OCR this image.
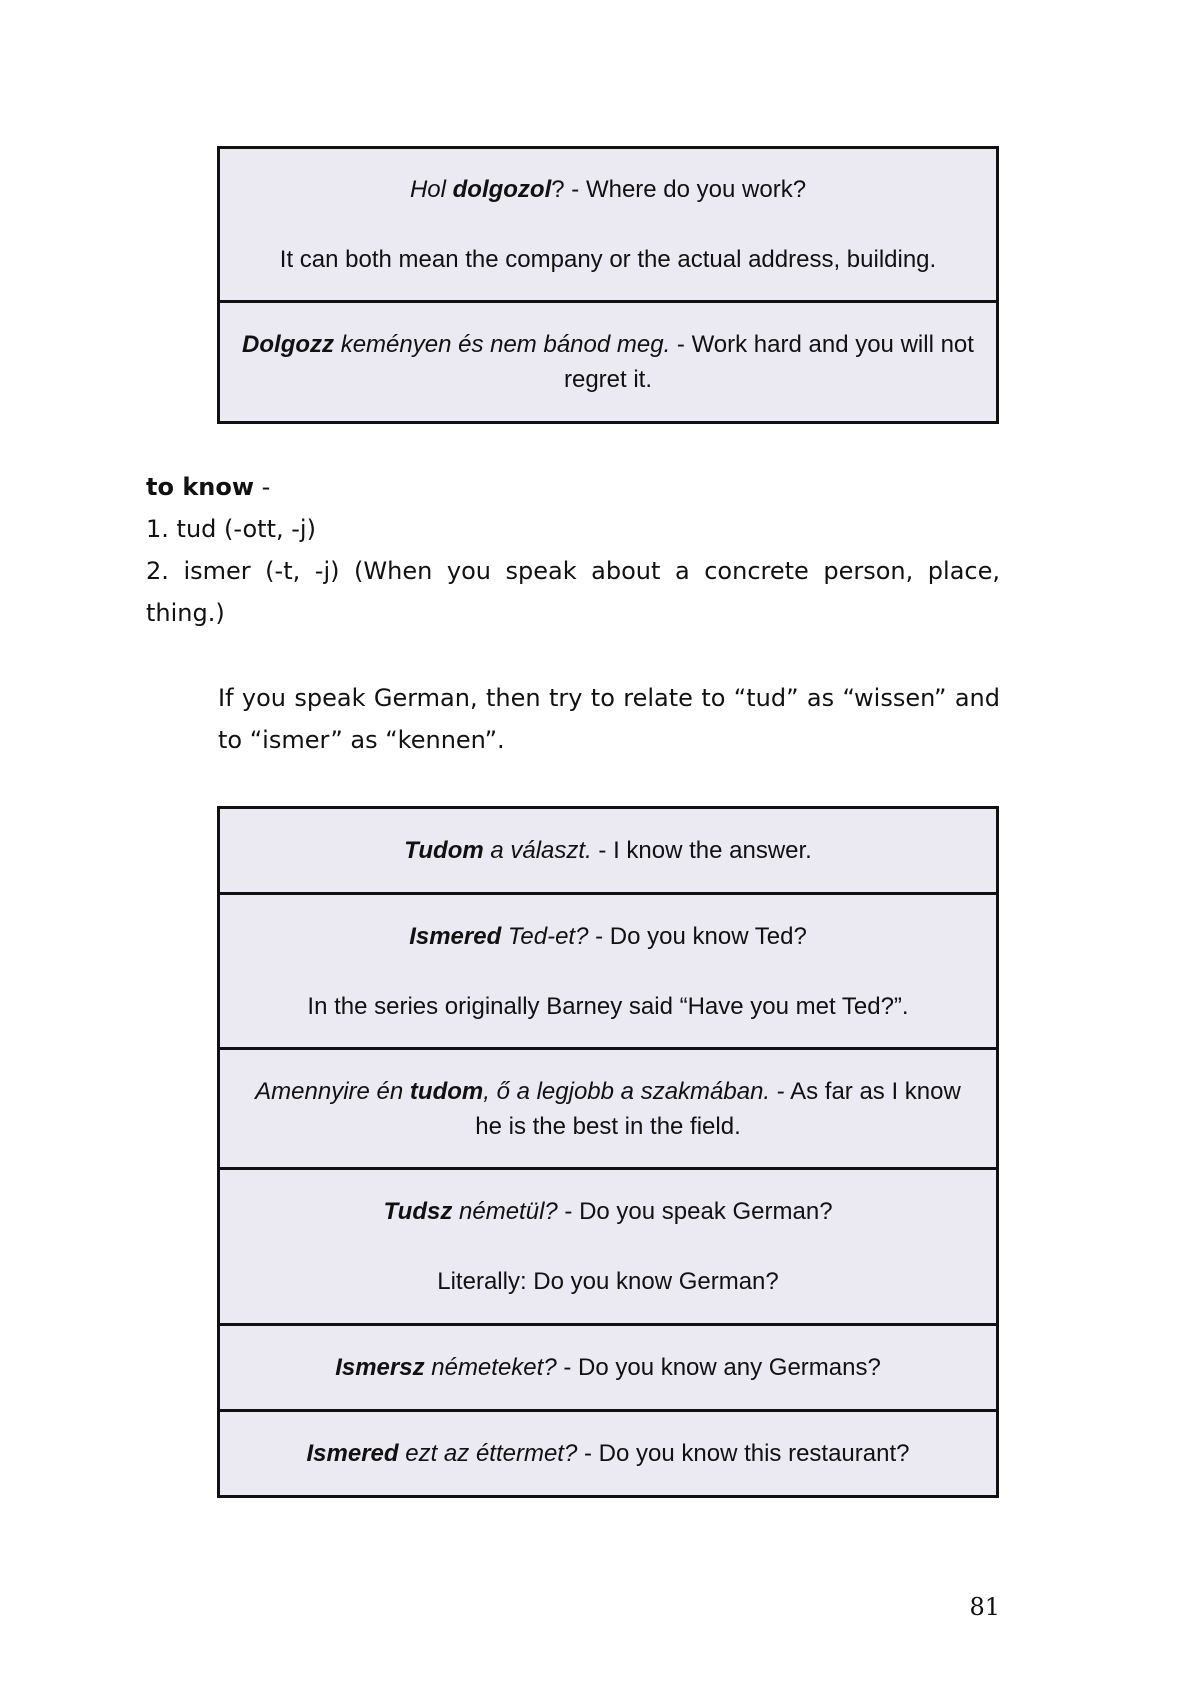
Hol dolgozol? - Where do you work?

It can both mean the company or the actual address, building.

Dolgozz keményen és nem bánod meg. - Work hard and you will not regret it.

to know -

1. tud (-ott, -j)

2. ismer (-t, -j) (When you speak about a concrete person, place, thing.)

If you speak German, then try to relate to “tud” as “wissen” and to “ismer” as “kennen”.

Tudom a választ. - I know the answer.

Ismered Ted-et? - Do you know Ted?

In the series originally Barney said “Have you met Ted?”.

Amennyire én tudom, ő a legjobb a szakmában. - As far as I know he is the best in the field.

Tudsz németül? - Do you speak German?

Literally: Do you know German?

Ismersz németeket? - Do you know any Germans?

Ismered ezt az éttermet? - Do you know this restaurant?

81
